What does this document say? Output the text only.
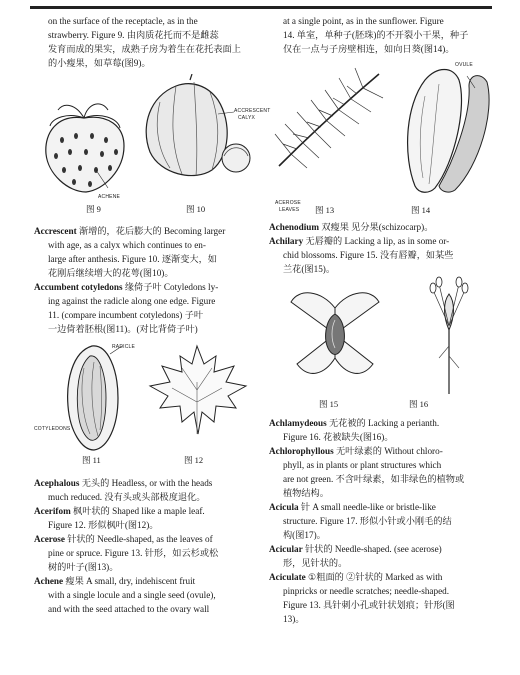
on the surface of the receptacle, as in the
strawberry. Figure 9. 由肉质花托而不是雌蕊
发育而成的果实，成熟子房为着生在花托表面上
的小瘦果，如草莓(图9)。
ACHENE
ACCRESCENT
CALYX
图 9	图 10
Accrescent 渐增的，花后膨大的 Becoming larger
with age, as a calyx which continues to en-
large after anthesis. Figure 10. 逐渐变大，如
花刚后继续增大的花萼(图10)。
Accumbent cotyledons 缘倚子叶 Cotyledons ly-
ing against the radicle along one edge. Figure
11. (compare incumbent cotyledons) 子叶
一边倚着胚根(图11)。(对比背倚子叶)
RADICLE
COTYLEDONS
图 11	图 12
Acephalous 无头的 Headless, or with the heads
much reduced. 没有头或头部极度退化。
Acerifom 枫叶状的 Shaped like a maple leaf.
Figure 12. 形似枫叶(图12)。
Acerose 针状的 Needle-shaped, as the leaves of
pine or spruce. Figure 13. 针形，如云杉或松
树的叶子(图13)。
Achene 瘦果 A small, dry, indehiscent fruit
with a single locule and a single seed (ovule),
and with the seed attached to the ovary wall
at a single point, as in the sunflower. Figure
14. 单室，单种子(胚珠)的不开裂小干果，种子
仅在一点与子房壁相连，如向日葵(图14)。
ACEROSE
LEAVES
OVULE
图 13	图 14
Achenodium 双瘦果 见分果(schizocarp)。
Achilary 无唇瓣的 Lacking a lip, as in some or-
chid blossoms. Figure 15. 没有唇瓣，如某些
兰花(图15)。
图 15	图 16
Achlamydeous 无花被的 Lacking a perianth.
Figure 16. 花被缺失(图16)。
Achlorophyllous 无叶绿素的 Without chloro-
phyll, as in plants or plant structures which
are not green. 不含叶绿素，如非绿色的植物或
植物结构。
Acicula 针 A small needle-like or bristle-like
structure. Figure 17. 形似小针或小刚毛的结
构(图17)。
Acicular 针状的 Needle-shaped. (see acerose)
形，见针状的。
Aciculate ①粗面的 ②针状的 Marked as with
pinpricks or needle scratches; needle-shaped.
Figure 13. 具针刺小孔或针状划痕；针形(图
13)。
